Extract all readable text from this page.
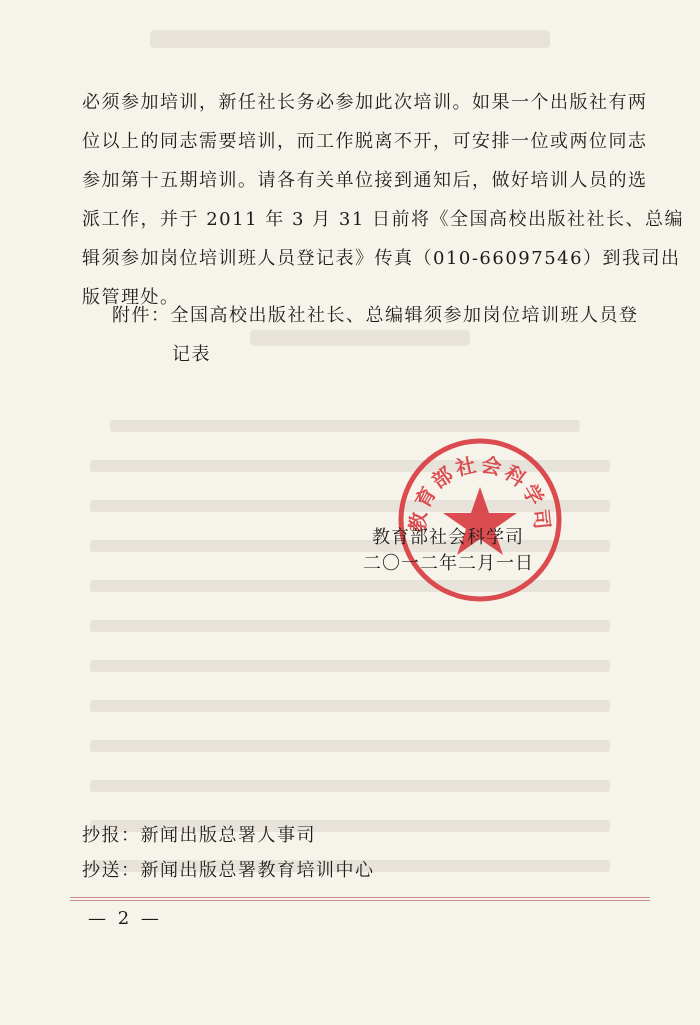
必须参加培训，新任社长务必参加此次培训。如果一个出版社有两
位以上的同志需要培训，而工作脱离不开，可安排一位或两位同志
参加第十五期培训。请各有关单位接到通知后，做好培训人员的选
派工作，并于 2011 年 3 月 31 日前将《全国高校出版社社长、总编
辑须参加岗位培训班人员登记表》传真（010-66097546）到我司出
版管理处。
附件：全国高校出版社社长、总编辑须参加岗位培训班人员登
记表
教育部社会科学司
教育部社会科学司
二〇一二年二月一日
抄报：新闻出版总署人事司
抄送：新闻出版总署教育培训中心
— 2 —
